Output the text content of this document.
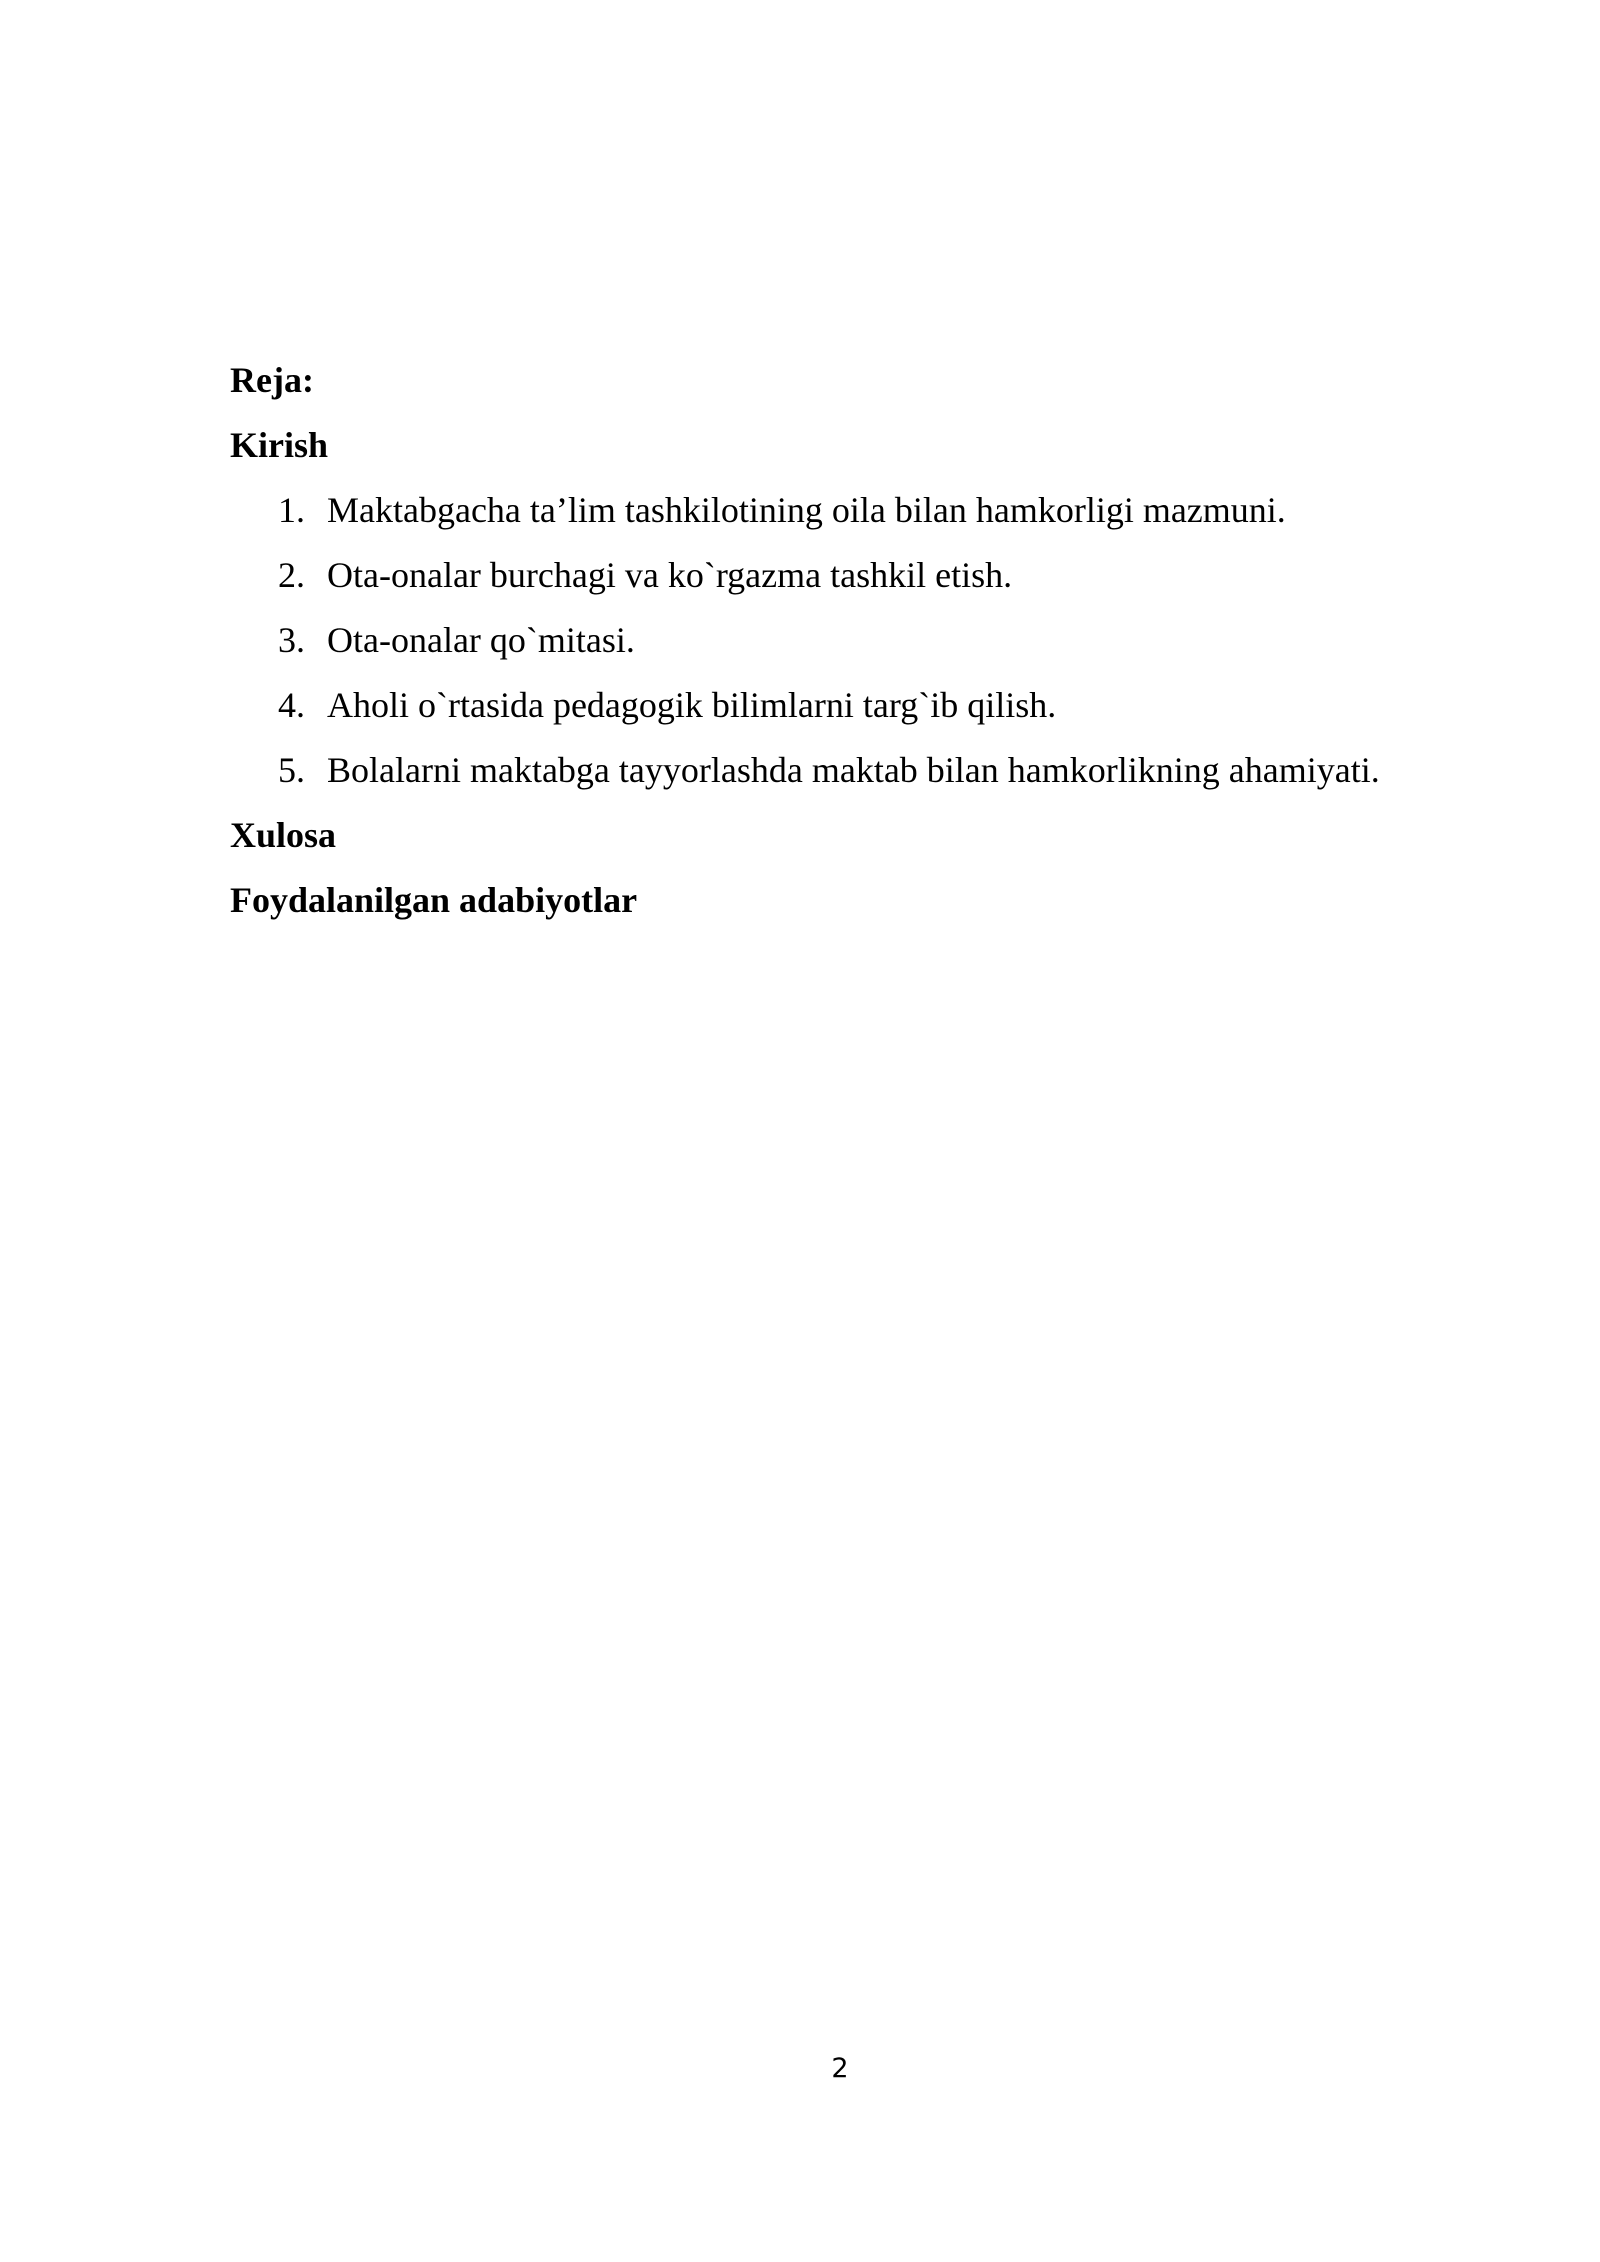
Reja:
Kirish
1. Maktabgacha ta’lim tashkilotining oila bilan hamkorligi mazmuni.
2. Ota-onalar burchagi va ko`rgazma tashkil etish.
3. Ota-onalar qo`mitasi.
4. Aholi o`rtasida pedagogik bilimlarni targ`ib qilish.
5. Bolalarni maktabga tayyorlashda maktab bilan hamkorlikning ahamiyati.
Xulosa
Foydalanilgan adabiyotlar
2
